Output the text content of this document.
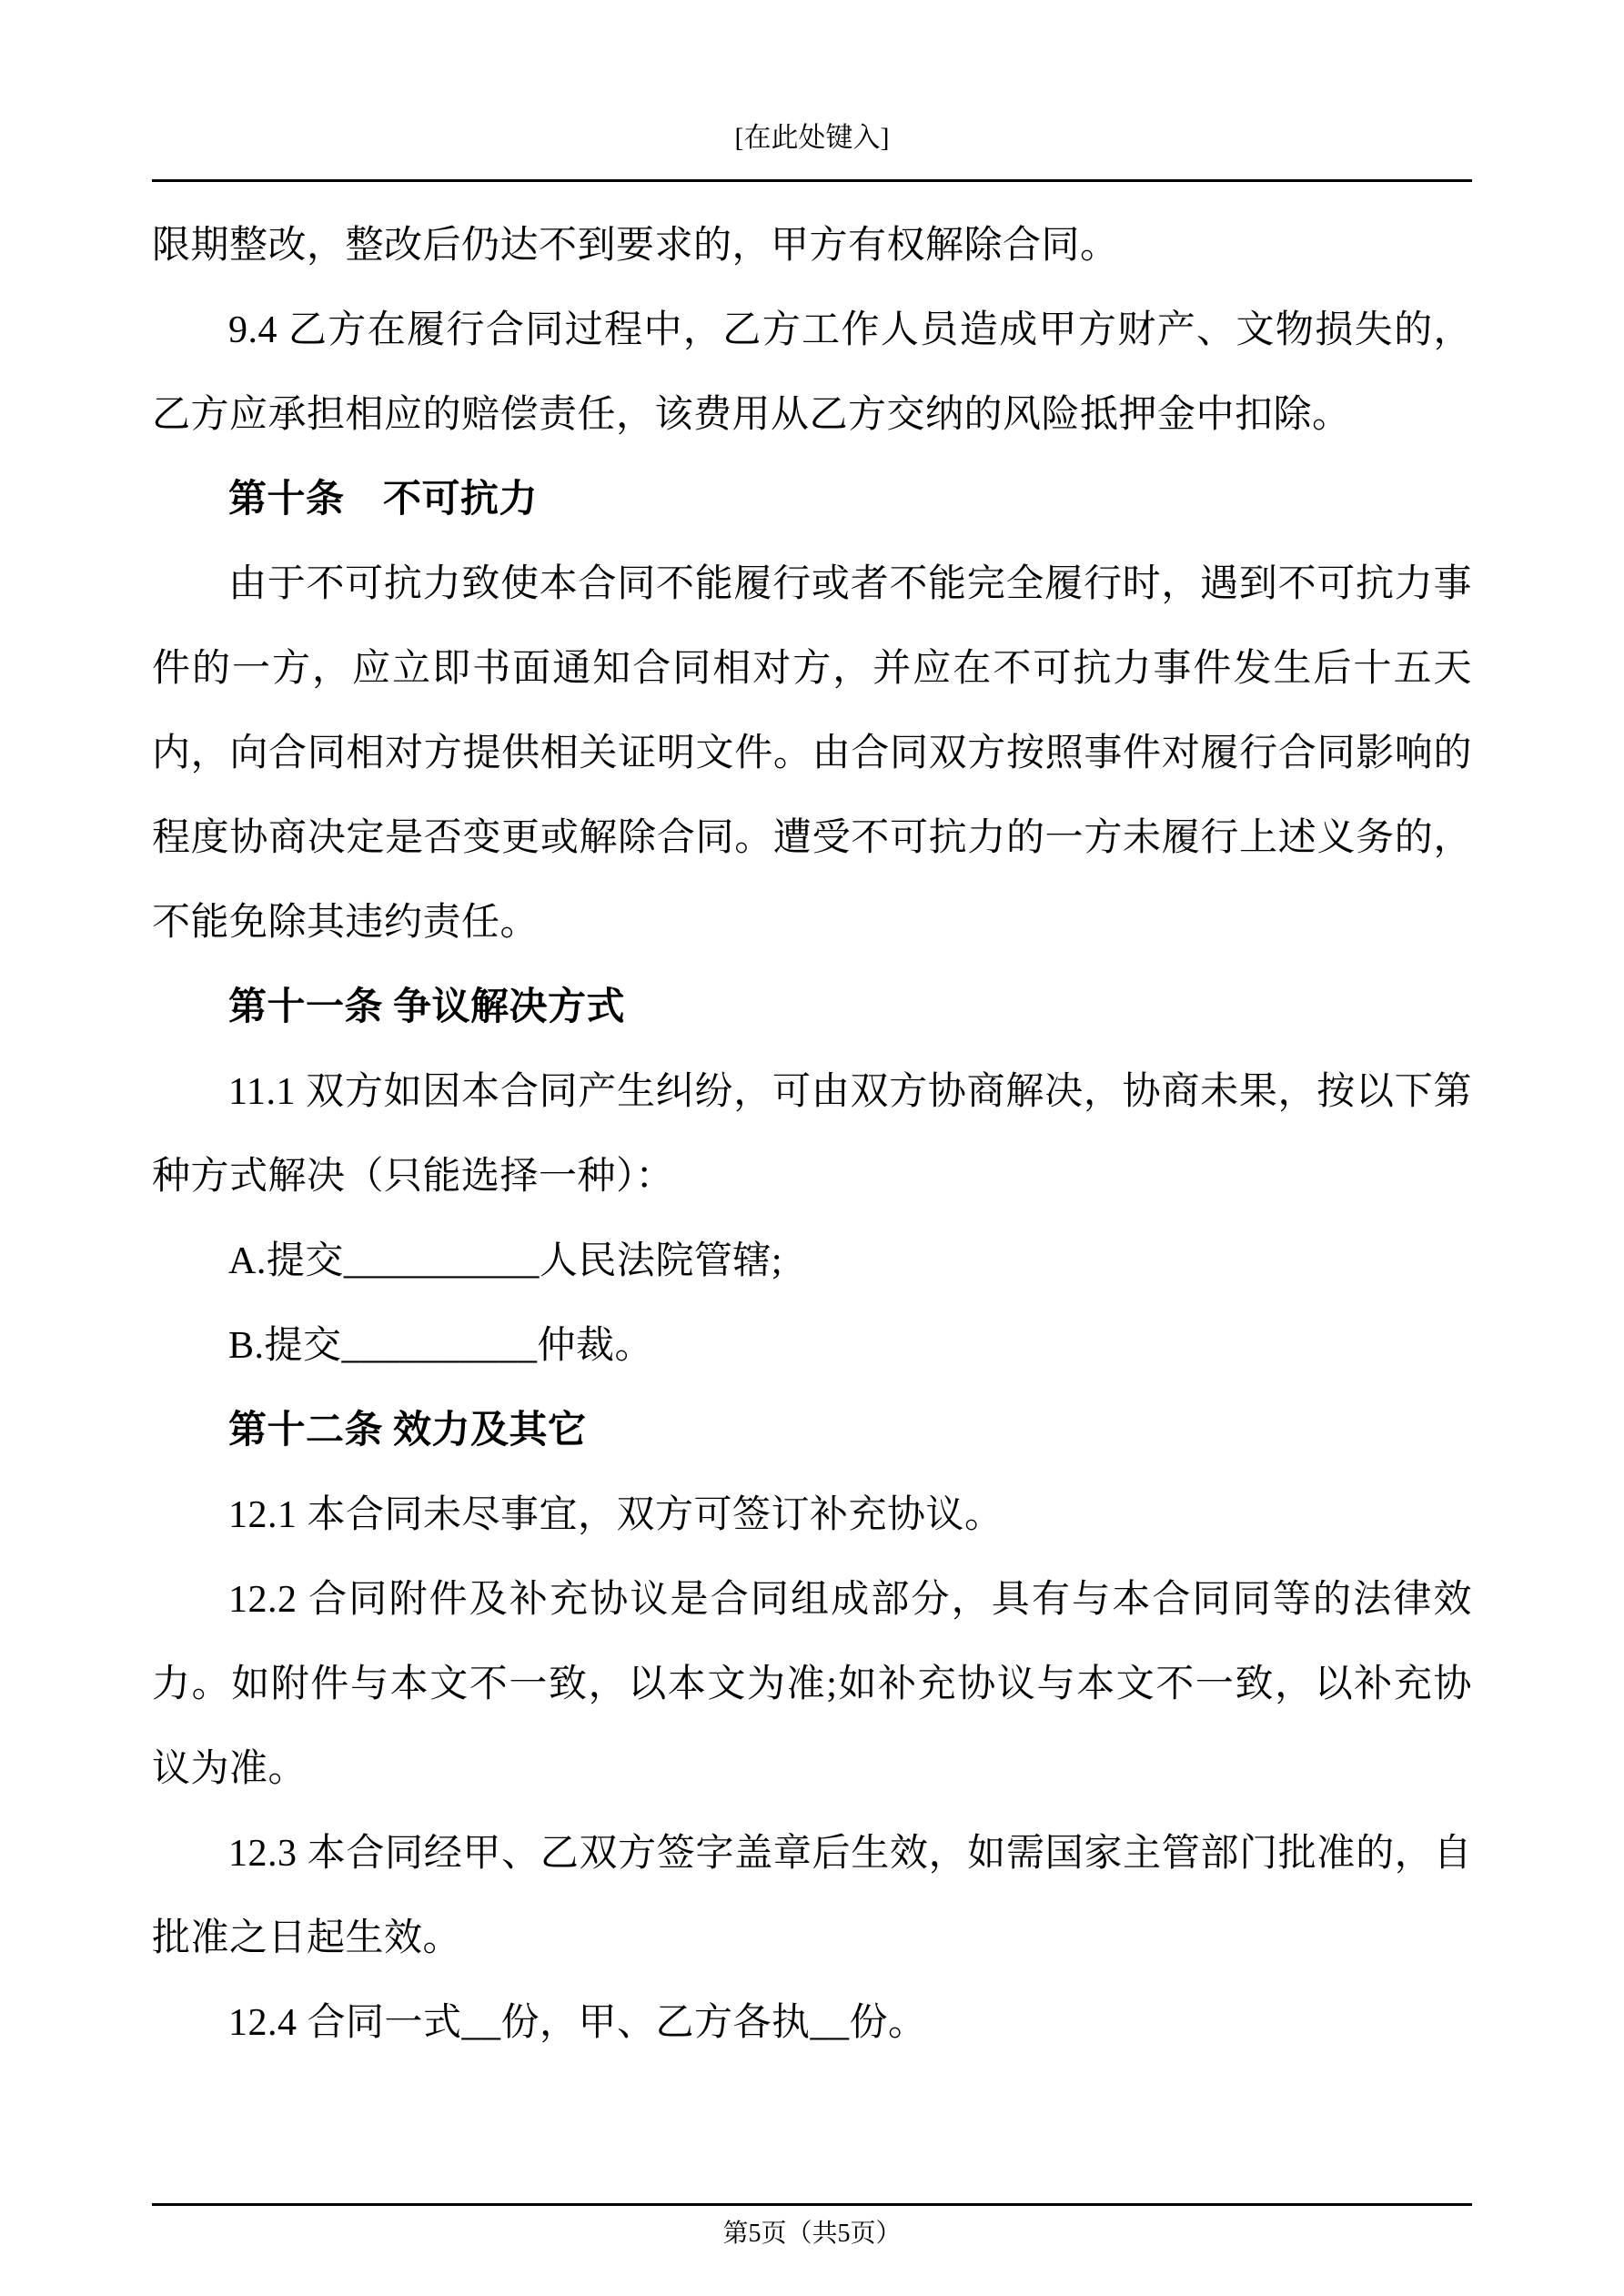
[在此处键入]

限期整改，整改后仍达不到要求的，甲方有权解除合同。

9.4 乙方在履行合同过程中，乙方工作人员造成甲方财产、文物损失的，乙方应承担相应的赔偿责任，该费用从乙方交纳的风险抵押金中扣除。

第十条　不可抗力

由于不可抗力致使本合同不能履行或者不能完全履行时，遇到不可抗力事件的一方，应立即书面通知合同相对方，并应在不可抗力事件发生后十五天内，向合同相对方提供相关证明文件。由合同双方按照事件对履行合同影响的程度协商决定是否变更或解除合同。遭受不可抗力的一方未履行上述义务的，不能免除其违约责任。

第十一条 争议解决方式

11.1 双方如因本合同产生纠纷，可由双方协商解决，协商未果，按以下第种方式解决（只能选择一种）：

A.提交__________人民法院管辖;

B.提交__________仲裁。

第十二条 效力及其它

12.1 本合同未尽事宜，双方可签订补充协议。

12.2 合同附件及补充协议是合同组成部分，具有与本合同同等的法律效力。如附件与本文不一致，以本文为准;如补充协议与本文不一致，以补充协议为准。

12.3 本合同经甲、乙双方签字盖章后生效，如需国家主管部门批准的，自批准之日起生效。

12.4 合同一式__份，甲、乙方各执__份。

第5页（共5页）
